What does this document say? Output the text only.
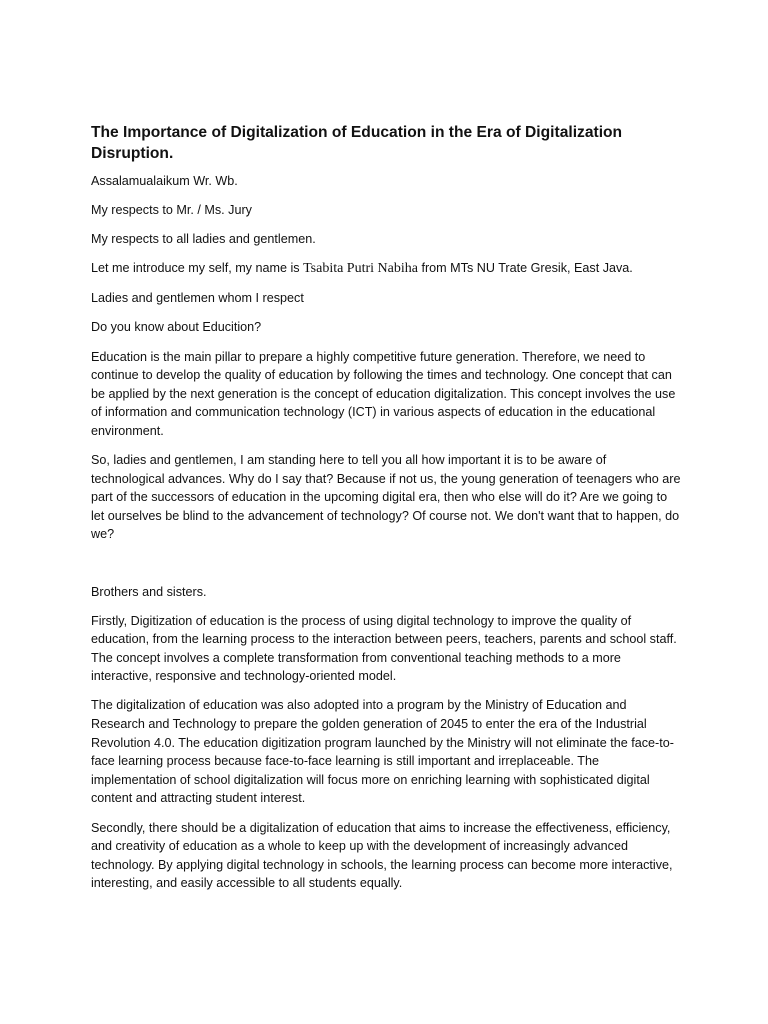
The Importance of Digitalization of Education in the Era of Digitalization Disruption.

Assalamualaikum Wr. Wb.

My respects to Mr. / Ms. Jury

My respects to all ladies and gentlemen.

Let me introduce my self, my name is Tsabita Putri Nabiha from MTs NU Trate Gresik, East Java.

Ladies and gentlemen whom I respect

Do you know about Educition?

Education is the main pillar to prepare a highly competitive future generation. Therefore, we need to continue to develop the quality of education by following the times and technology. One concept that can be applied by the next generation is the concept of education digitalization. This concept involves the use of information and communication technology (ICT) in various aspects of education in the educational environment.

So, ladies and gentlemen, I am standing here to tell you all how important it is to be aware of technological advances. Why do I say that? Because if not us, the young generation of teenagers who are part of the successors of education in the upcoming digital era, then who else will do it? Are we going to let ourselves be blind to the advancement of technology? Of course not. We don't want that to happen, do we?

Brothers and sisters.

Firstly, Digitization of education is the process of using digital technology to improve the quality of education, from the learning process to the interaction between peers, teachers, parents and school staff. The concept involves a complete transformation from conventional teaching methods to a more interactive, responsive and technology-oriented model.

The digitalization of education was also adopted into a program by the Ministry of Education and Research and Technology to prepare the golden generation of 2045 to enter the era of the Industrial Revolution 4.0. The education digitization program launched by the Ministry will not eliminate the face-to-face learning process because face-to-face learning is still important and irreplaceable. The implementation of school digitalization will focus more on enriching learning with sophisticated digital content and attracting student interest.

Secondly, there should be a digitalization of education that aims to increase the effectiveness, efficiency, and creativity of education as a whole to keep up with the development of increasingly advanced technology. By applying digital technology in schools, the learning process can become more interactive, interesting, and easily accessible to all students equally.
